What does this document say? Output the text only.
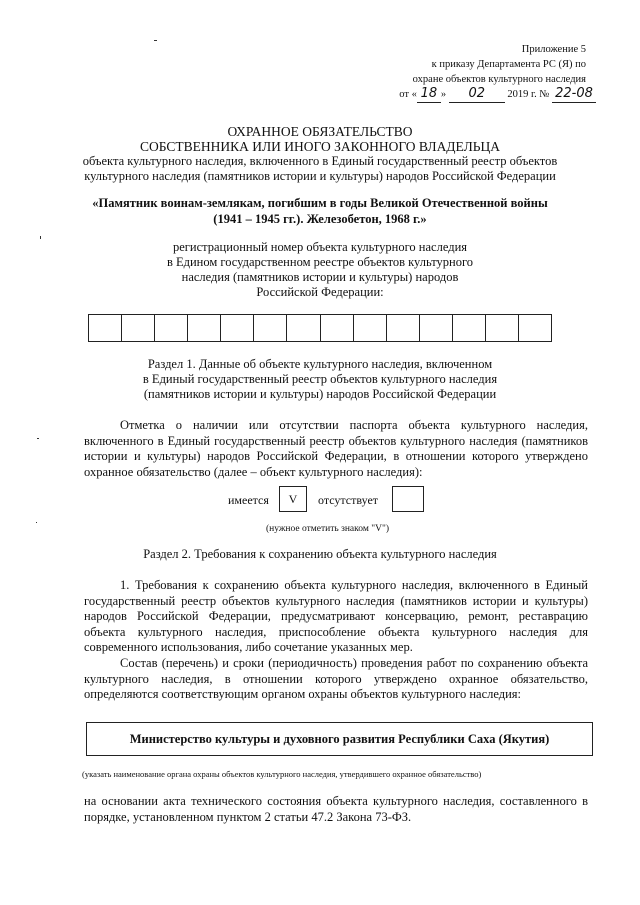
Приложение 5
к приказу Департамента РС (Я) по
охране объектов культурного наследия
от « 18 » 02 2019 г. № 22-08
ОХРАННОЕ ОБЯЗАТЕЛЬСТВО
СОБСТВЕННИКА ИЛИ ИНОГО ЗАКОННОГО ВЛАДЕЛЬЦА
объекта культурного наследия, включенного в Единый государственный реестр объектов
культурного наследия (памятников истории и культуры) народов Российской Федерации
«Памятник воинам-землякам, погибшим в годы Великой Отечественной войны
(1941 – 1945 гг.). Железобетон, 1968 г.»
регистрационный номер объекта культурного наследия
в Едином государственном реестре объектов культурного
наследия (памятников истории и культуры) народов
Российской Федерации:
Раздел 1. Данные об объекте культурного наследия, включенном
в Единый государственный реестр объектов культурного наследия
(памятников истории и культуры) народов Российской Федерации
Отметка о наличии или отсутствии паспорта объекта культурного наследия, включенного в Единый государственный реестр объектов культурного наследия (памятников истории и культуры) народов Российской Федерации, в отношении которого утверждено охранное обязательство (далее – объект культурного наследия):
имеется	V	отсутствует
(нужное отметить знаком "V")
Раздел 2. Требования к сохранению объекта культурного наследия
1. Требования к сохранению объекта культурного наследия, включенного в Единый государственный реестр объектов культурного наследия (памятников истории и культуры) народов Российской Федерации, предусматривают консервацию, ремонт, реставрацию объекта культурного наследия, приспособление объекта культурного наследия для современного использования, либо сочетание указанных мер.
Состав (перечень) и сроки (периодичность) проведения работ по сохранению объекта культурного наследия, в отношении которого утверждено охранное обязательство, определяются соответствующим органом охраны объектов культурного наследия:
Министерство культуры и духовного развития Республики Саха (Якутия)
(указать наименование органа охраны объектов культурного наследия, утвердившего охранное обязательство)
на основании акта технического состояния объекта культурного наследия, составленного в порядке, установленном пунктом 2 статьи 47.2 Закона 73-ФЗ.
